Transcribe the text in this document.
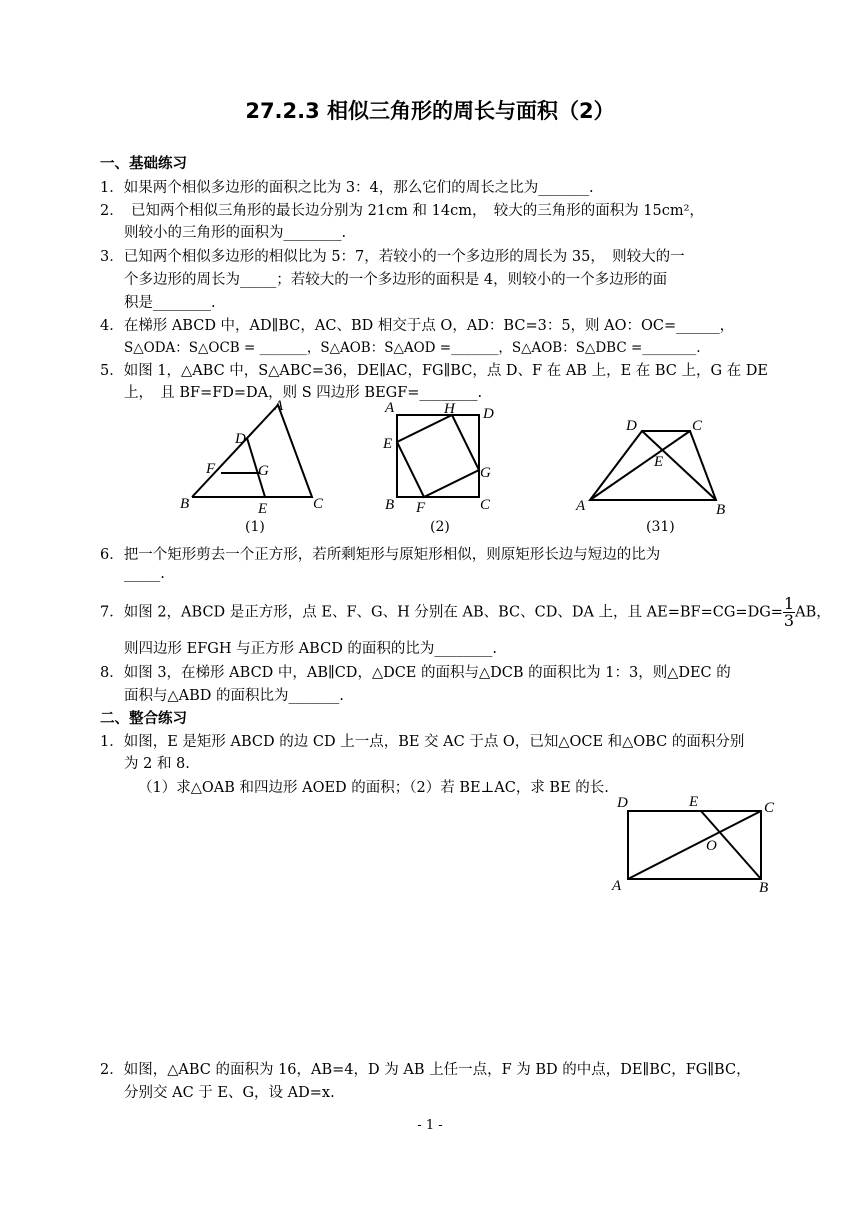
27.2.3 相似三角形的周长与面积（2）
一、基础练习
1．如果两个相似多边形的面积之比为 3：4，那么它们的周长之比为_______.
2．　已知两个相似三角形的最长边分别为 21cm 和 14cm，　较大的三角形的面积为 15cm²，
则较小的三角形的面积为________.
3．已知两个相似多边形的相似比为 5：7，若较小的一个多边形的周长为 35，　则较大的一
个多边形的周长为_____；若较大的一个多边形的面积是 4，则较小的一个多边形的面
积是________.
4．在梯形 ABCD 中，AD∥BC，AC、BD 相交于点 O，AD：BC=3：5，则 AO：OC=______，
S△ODA：S△OCB = _______，S△AOB：S△AOD =_______，S△AOB：S△DBC =________.
5．如图 1，△ABC 中，S△ABC=36，DE∥AC，FG∥BC，点 D、F 在 AB 上，E 在 BC 上，G 在 DE
上，　且 BF=FD=DA，则 S 四边形 BEGF=________.
A
D
F	G
B	E	C
(1)
A	H D
E
G
B F	C
(2)
D	C
E
A	B
(31)
6．把一个矩形剪去一个正方形，若所剩矩形与原矩形相似，则原矩形长边与短边的比为
_____.
7．如图 2，ABCD 是正方形，点 E、F、G、H 分别在 AB、BC、CD、DA 上，且 $AE=BF=CG=DG= \frac{1}{3}$ AB，
则四边形 EFGH 与正方形 ABCD 的面积的比为________.
8．如图 3，在梯形 ABCD 中，AB∥CD，△DCE 的面积与△DCB 的面积比为 1：3，则△DEC 的
面积与△ABD 的面积比为_______.
二、整合练习
1．如图，E 是矩形 ABCD 的边 CD 上一点，BE 交 AC 于点 O，已知△OCE 和△OBC 的面积分别
为 2 和 8.
（1）求△OAB 和四边形 AOED 的面积；（2）若 BE⊥AC，求 BE 的长.
D	E	C
O
A	B
2．如图，△ABC 的面积为 16，AB=4，D 为 AB 上任一点，F 为 BD 的中点，DE∥BC，FG∥BC，
分别交 AC 于 E、G，设 AD=x.
- 1 -
